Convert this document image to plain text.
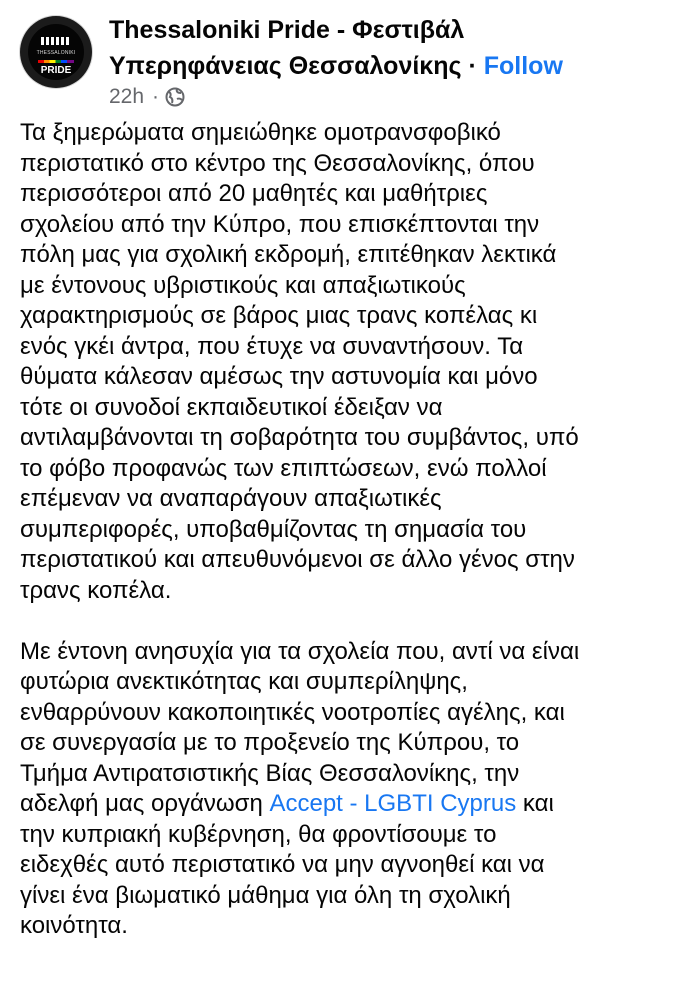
THESSALONIKI
PRIDE
Thessaloniki Pride - Φεστιβάλ
Υπερηφάνειας Θεσσαλονίκης · Follow
22h ·
Τα ξημερώματα σημειώθηκε ομοτρανσφοβικό
περιστατικό στο κέντρο της Θεσσαλονίκης, όπου
περισσότεροι από 20 μαθητές και μαθήτριες
σχολείου από την Κύπρο, που επισκέπτονται την
πόλη μας για σχολική εκδρομή, επιτέθηκαν λεκτικά
με έντονους υβριστικούς και απαξιωτικούς
χαρακτηρισμούς σε βάρος μιας τρανς κοπέλας κι
ενός γκέι άντρα, που έτυχε να συναντήσουν. Τα
θύματα κάλεσαν αμέσως την αστυνομία και μόνο
τότε οι συνοδοί εκπαιδευτικοί έδειξαν να
αντιλαμβάνονται τη σοβαρότητα του συμβάντος, υπό
το φόβο προφανώς των επιπτώσεων, ενώ πολλοί
επέμεναν να αναπαράγουν απαξιωτικές
συμπεριφορές, υποβαθμίζοντας τη σημασία του
περιστατικού και απευθυνόμενοι σε άλλο γένος στην
τρανς κοπέλα.
Με έντονη ανησυχία για τα σχολεία που, αντί να είναι
φυτώρια ανεκτικότητας και συμπερίληψης,
ενθαρρύνουν κακοποιητικές νοοτροπίες αγέλης, και
σε συνεργασία με το προξενείο της Κύπρου, το
Τμήμα Αντιρατσιστικής Βίας Θεσσαλονίκης, την
αδελφή μας οργάνωση Accept - LGBTI Cyprus και
την κυπριακή κυβέρνηση, θα φροντίσουμε το
ειδεχθές αυτό περιστατικό να μην αγνοηθεί και να
γίνει ένα βιωματικό μάθημα για όλη τη σχολική
κοινότητα.
